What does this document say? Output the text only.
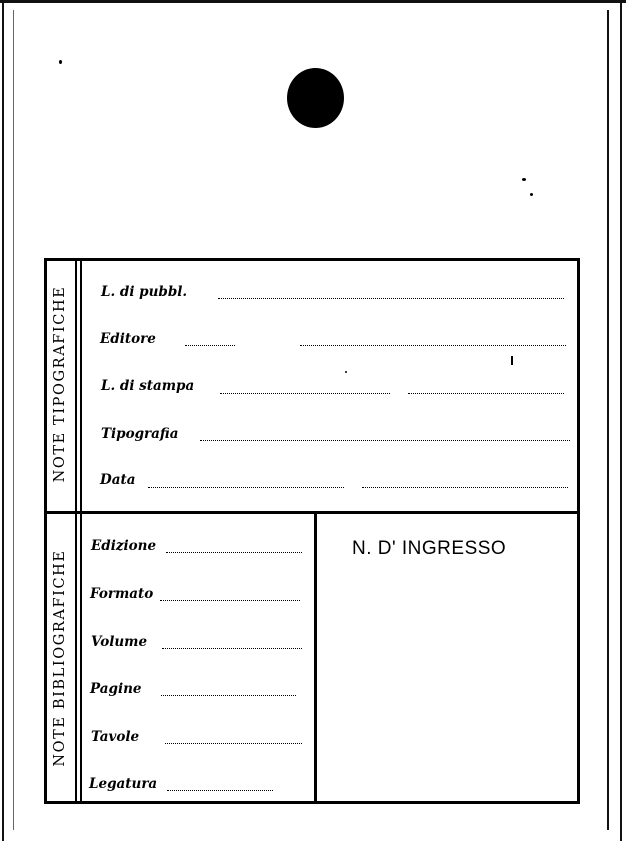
NOTE TIPOGRAFICHE
NOTE BIBLIOGRAFICHE
L. di pubbl.
Editore
L. di stampa
Tipografia
Data
Edizione
Formato
Volume
Pagine
Tavole
Legatura
N. D' INGRESSO
